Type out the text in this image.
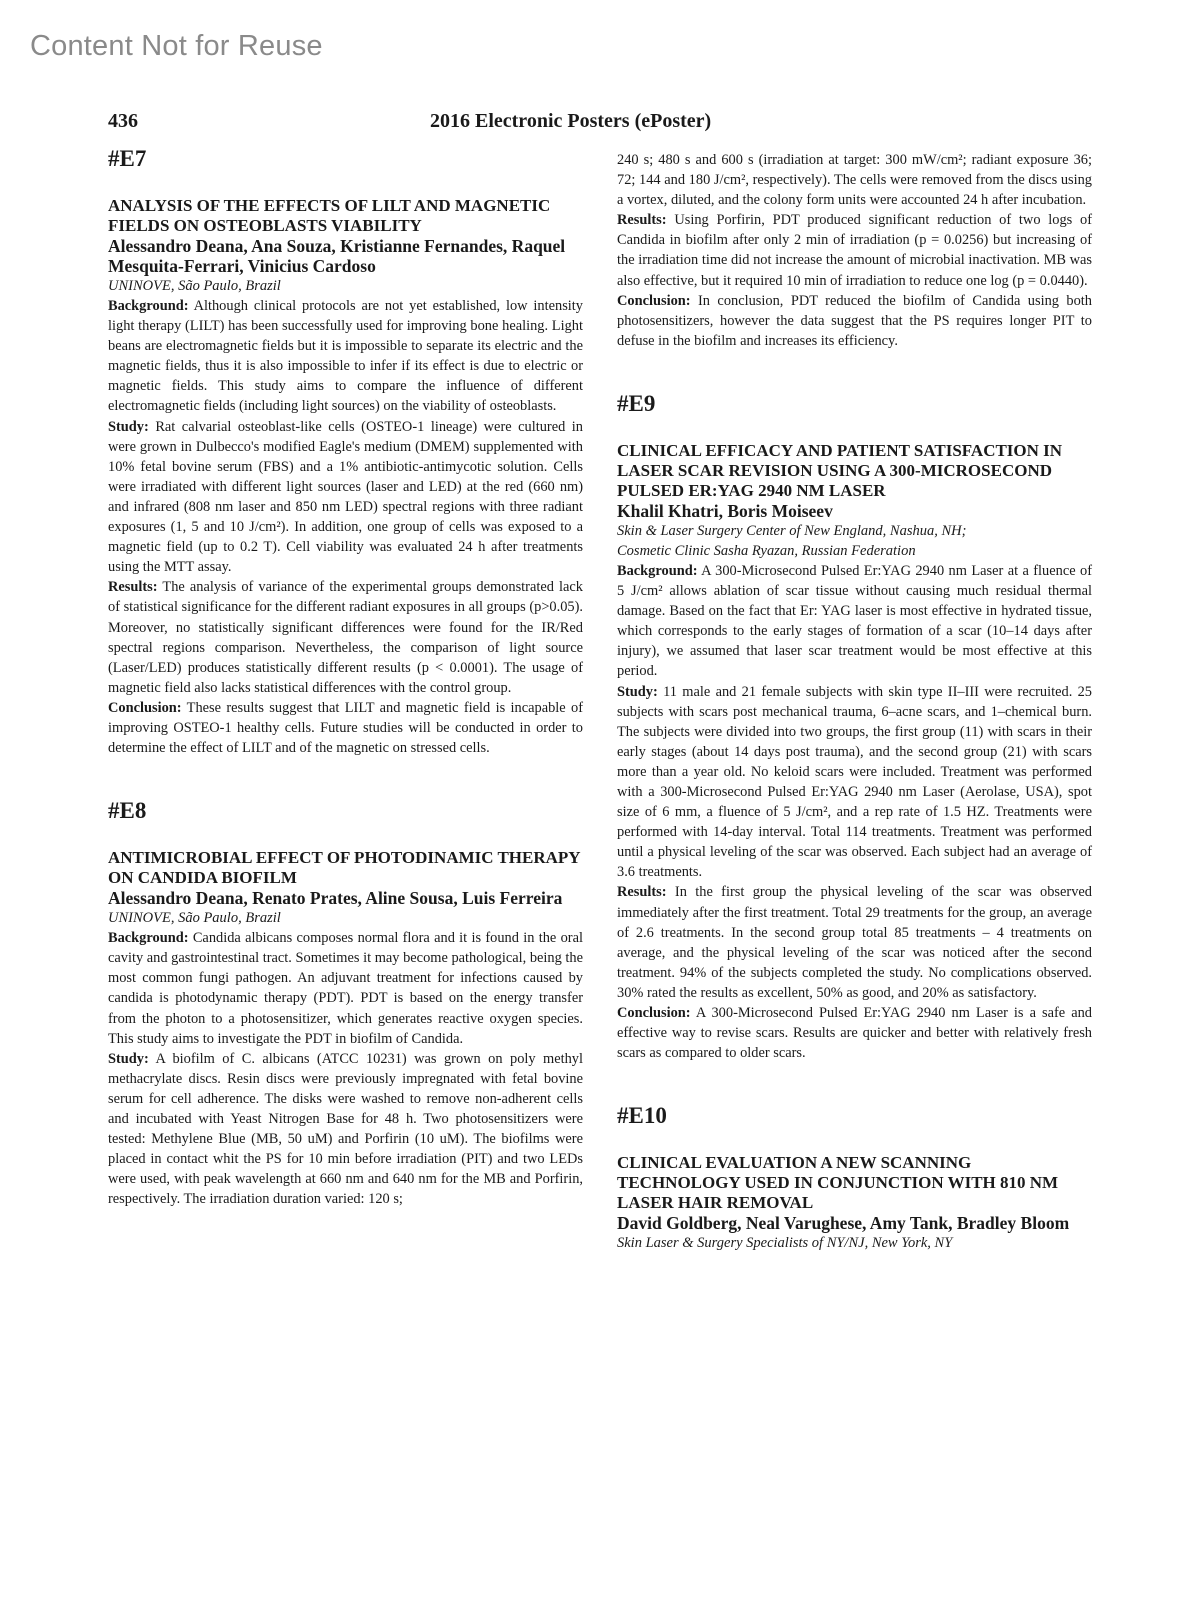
Content Not for Reuse
436	2016 Electronic Posters (ePoster)
#E7

ANALYSIS OF THE EFFECTS OF LILT AND MAGNETIC FIELDS ON OSTEOBLASTS VIABILITY

Alessandro Deana, Ana Souza, Kristianne Fernandes, Raquel Mesquita-Ferrari, Vinicius Cardoso

UNINOVE, São Paulo, Brazil

Background: Although clinical protocols are not yet established, low intensity light therapy (LILT) has been successfully used for improving bone healing. Light beans are electromagnetic fields but it is impossible to separate its electric and the magnetic fields, thus it is also impossible to infer if its effect is due to electric or magnetic fields. This study aims to compare the influence of different electromagnetic fields (including light sources) on the viability of osteoblasts.

Study: Rat calvarial osteoblast-like cells (OSTEO-1 lineage) were cultured in were grown in Dulbecco's modified Eagle's medium (DMEM) supplemented with 10% fetal bovine serum (FBS) and a 1% antibiotic-antimycotic solution. Cells were irradiated with different light sources (laser and LED) at the red (660 nm) and infrared (808 nm laser and 850 nm LED) spectral regions with three radiant exposures (1, 5 and 10 J/cm²). In addition, one group of cells was exposed to a magnetic field (up to 0.2 T). Cell viability was evaluated 24 h after treatments using the MTT assay.

Results: The analysis of variance of the experimental groups demonstrated lack of statistical significance for the different radiant exposures in all groups (p>0.05). Moreover, no statistically significant differences were found for the IR/Red spectral regions comparison. Nevertheless, the comparison of light source (Laser/LED) produces statistically different results (p < 0.0001). The usage of magnetic field also lacks statistical differences with the control group.

Conclusion: These results suggest that LILT and magnetic field is incapable of improving OSTEO-1 healthy cells. Future studies will be conducted in order to determine the effect of LILT and of the magnetic on stressed cells.

#E8

ANTIMICROBIAL EFFECT OF PHOTODINAMIC THERAPY ON CANDIDA BIOFILM

Alessandro Deana, Renato Prates, Aline Sousa, Luis Ferreira

UNINOVE, São Paulo, Brazil

Background: Candida albicans composes normal flora and it is found in the oral cavity and gastrointestinal tract. Sometimes it may become pathological, being the most common fungi pathogen. An adjuvant treatment for infections caused by candida is photodynamic therapy (PDT). PDT is based on the energy transfer from the photon to a photosensitizer, which generates reactive oxygen species. This study aims to investigate the PDT in biofilm of Candida.

Study: A biofilm of C. albicans (ATCC 10231) was grown on poly methyl methacrylate discs. Resin discs were previously impregnated with fetal bovine serum for cell adherence. The disks were washed to remove non-adherent cells and incubated with Yeast Nitrogen Base for 48 h. Two photosensitizers were tested: Methylene Blue (MB, 50 uM) and Porfirin (10 uM). The biofilms were placed in contact whit the PS for 10 min before irradiation (PIT) and two LEDs were used, with peak wavelength at 660 nm and 640 nm for the MB and Porfirin, respectively. The irradiation duration varied: 120 s;

240 s; 480 s and 600 s (irradiation at target: 300 mW/cm²; radiant exposure 36; 72; 144 and 180 J/cm², respectively). The cells were removed from the discs using a vortex, diluted, and the colony form units were accounted 24 h after incubation.

Results: Using Porfirin, PDT produced significant reduction of two logs of Candida in biofilm after only 2 min of irradiation (p = 0.0256) but increasing of the irradiation time did not increase the amount of microbial inactivation. MB was also effective, but it required 10 min of irradiation to reduce one log (p = 0.0440).

Conclusion: In conclusion, PDT reduced the biofilm of Candida using both photosensitizers, however the data suggest that the PS requires longer PIT to defuse in the biofilm and increases its efficiency.

#E9

CLINICAL EFFICACY AND PATIENT SATISFACTION IN LASER SCAR REVISION USING A 300-MICROSECOND PULSED ER:YAG 2940 NM LASER

Khalil Khatri, Boris Moiseev

Skin & Laser Surgery Center of New England, Nashua, NH;

Cosmetic Clinic Sasha Ryazan, Russian Federation

Background: A 300-Microsecond Pulsed Er:YAG 2940 nm Laser at a fluence of 5 J/cm² allows ablation of scar tissue without causing much residual thermal damage. Based on the fact that Er: YAG laser is most effective in hydrated tissue, which corresponds to the early stages of formation of a scar (10–14 days after injury), we assumed that laser scar treatment would be most effective at this period.

Study: 11 male and 21 female subjects with skin type II–III were recruited. 25 subjects with scars post mechanical trauma, 6–acne scars, and 1–chemical burn. The subjects were divided into two groups, the first group (11) with scars in their early stages (about 14 days post trauma), and the second group (21) with scars more than a year old. No keloid scars were included. Treatment was performed with a 300-Microsecond Pulsed Er:YAG 2940 nm Laser (Aerolase, USA), spot size of 6 mm, a fluence of 5 J/cm², and a rep rate of 1.5 HZ. Treatments were performed with 14-day interval. Total 114 treatments. Treatment was performed until a physical leveling of the scar was observed. Each subject had an average of 3.6 treatments.

Results: In the first group the physical leveling of the scar was observed immediately after the first treatment. Total 29 treatments for the group, an average of 2.6 treatments. In the second group total 85 treatments – 4 treatments on average, and the physical leveling of the scar was noticed after the second treatment. 94% of the subjects completed the study. No complications observed. 30% rated the results as excellent, 50% as good, and 20% as satisfactory.

Conclusion: A 300-Microsecond Pulsed Er:YAG 2940 nm Laser is a safe and effective way to revise scars. Results are quicker and better with relatively fresh scars as compared to older scars.

#E10

CLINICAL EVALUATION A NEW SCANNING TECHNOLOGY USED IN CONJUNCTION WITH 810 NM LASER HAIR REMOVAL

David Goldberg, Neal Varughese, Amy Tank, Bradley Bloom

Skin Laser & Surgery Specialists of NY/NJ, New York, NY
